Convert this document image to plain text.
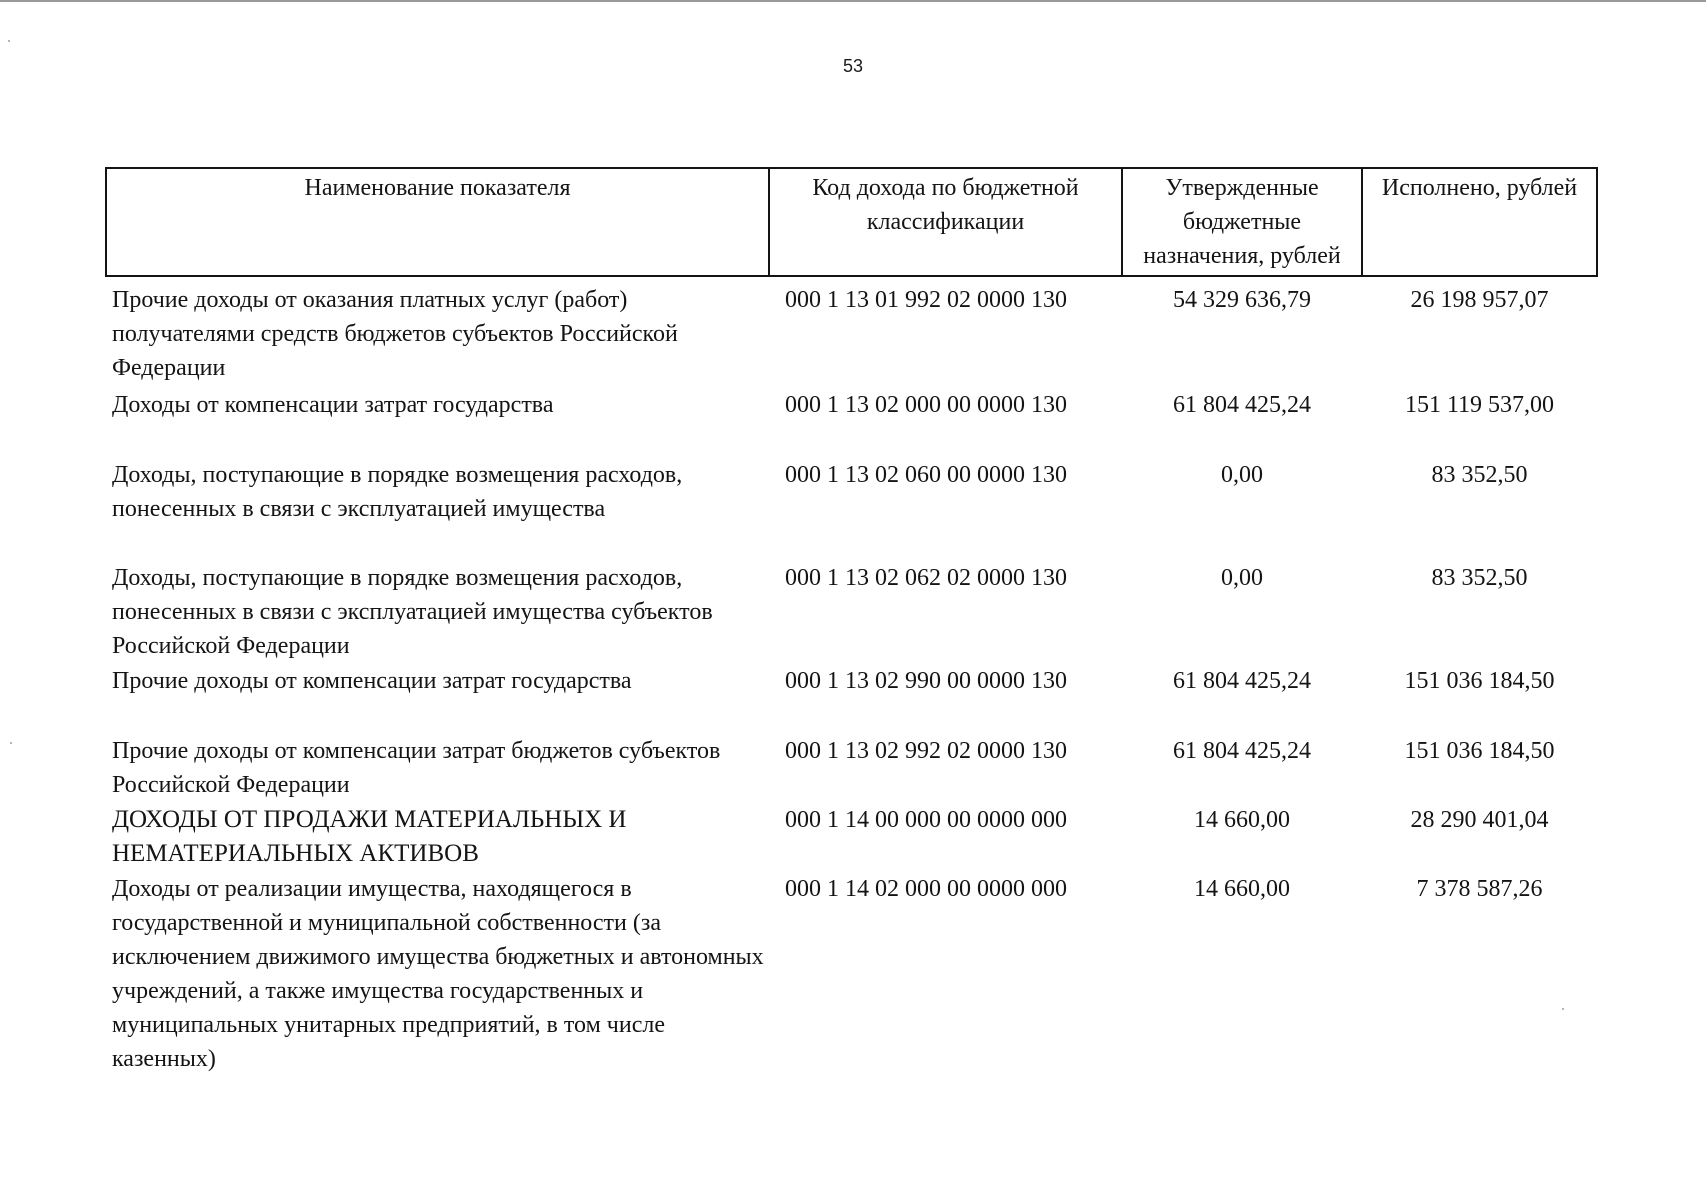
53
Наименование показателя	Код дохода по бюджетной классификации	Утвержденные бюджетные назначения, рублей	Исполнено, рублей
Прочие доходы от оказания платных услуг (работ) получателями средств бюджетов субъектов Российской Федерации	000 1 13 01 992 02 0000 130	54 329 636,79	26 198 957,07
Доходы от компенсации затрат государства	000 1 13 02 000 00 0000 130	61 804 425,24	151 119 537,00
Доходы, поступающие в порядке возмещения расходов, понесенных в связи с эксплуатацией имущества	000 1 13 02 060 00 0000 130	0,00	83 352,50
Доходы, поступающие в порядке возмещения расходов, понесенных в связи с эксплуатацией имущества субъектов Российской Федерации	000 1 13 02 062 02 0000 130	0,00	83 352,50
Прочие доходы от компенсации затрат государства	000 1 13 02 990 00 0000 130	61 804 425,24	151 036 184,50
Прочие доходы от компенсации затрат бюджетов субъектов Российской Федерации	000 1 13 02 992 02 0000 130	61 804 425,24	151 036 184,50
ДОХОДЫ ОТ ПРОДАЖИ МАТЕРИАЛЬНЫХ И НЕМАТЕРИАЛЬНЫХ АКТИВОВ	000 1 14 00 000 00 0000 000	14 660,00	28 290 401,04
Доходы от реализации имущества, находящегося в государственной и муниципальной собственности (за исключением движимого имущества бюджетных и автономных учреждений, а также имущества государственных и муниципальных унитарных предприятий, в том числе казенных)	000 1 14 02 000 00 0000 000	14 660,00	7 378 587,26
